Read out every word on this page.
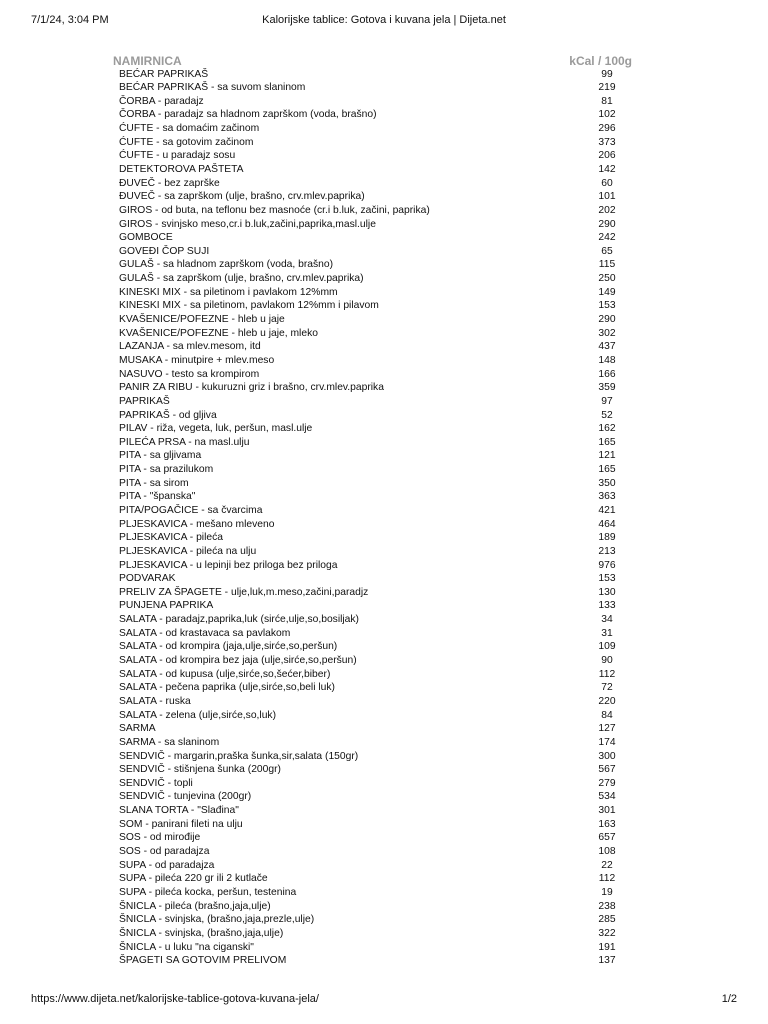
7/1/24, 3:04 PM	Kalorijske tablice: Gotova i kuvana jela | Dijeta.net
NAMIRNICA	kCal / 100g
BEĆAR PAPRIKAŠ	99
BEĆAR PAPRIKAŠ - sa suvom slaninom	219
ČORBA - paradajz	81
ČORBA - paradajz sa hladnom zaprškom (voda, brašno)	102
ĆUFTE - sa domaćim začinom	296
ĆUFTE - sa gotovim začinom	373
ĆUFTE - u paradajz sosu	206
DETEKTOROVA PAŠTETA	142
ĐUVEČ - bez zaprške	60
ĐUVEČ - sa zaprškom (ulje, brašno, crv.mlev.paprika)	101
GIROS - od buta, na teflonu bez masnoće (cr.i b.luk, začini, paprika)	202
GIROS - svinjsko meso,cr.i b.luk,začini,paprika,masl.ulje	290
GOMBOCE	242
GOVEĐI ČOP SUJI	65
GULAŠ - sa hladnom zaprškom (voda, brašno)	115
GULAŠ - sa zaprškom (ulje, brašno, crv.mlev.paprika)	250
KINESKI MIX - sa piletinom i pavlakom 12%mm	149
KINESKI MIX - sa piletinom, pavlakom 12%mm i pilavom	153
KVAŠENICE/POFEZNE - hleb u jaje	290
KVAŠENICE/POFEZNE - hleb u jaje, mleko	302
LAZANJA - sa mlev.mesom, itd	437
MUSAKA - minutpire + mlev.meso	148
NASUVO - testo sa krompirom	166
PANIR ZA RIBU - kukuruzni griz i brašno, crv.mlev.paprika	359
PAPRIKAŠ	97
PAPRIKAŠ - od gljiva	52
PILAV - riža, vegeta, luk, peršun, masl.ulje	162
PILEĆA PRSA - na masl.ulju	165
PITA - sa gljivama	121
PITA - sa prazilukom	165
PITA - sa sirom	350
PITA - "španska"	363
PITA/POGAČICE - sa čvarcima	421
PLJESKAVICA - mešano mleveno	464
PLJESKAVICA - pileća	189
PLJESKAVICA - pileća na ulju	213
PLJESKAVICA - u lepinji bez priloga bez priloga	976
PODVARAK	153
PRELIV ZA ŠPAGETE - ulje,luk,m.meso,začini,paradjz	130
PUNJENA PAPRIKA	133
SALATA - paradajz,paprika,luk (sirće,ulje,so,bosiljak)	34
SALATA - od krastavaca sa pavlakom	31
SALATA - od krompira (jaja,ulje,sirće,so,peršun)	109
SALATA - od krompira bez jaja (ulje,sirće,so,peršun)	90
SALATA - od kupusa (ulje,sirće,so,šećer,biber)	112
SALATA - pečena paprika (ulje,sirće,so,beli luk)	72
SALATA - ruska	220
SALATA - zelena (ulje,sirće,so,luk)	84
SARMA	127
SARMA - sa slaninom	174
SENDVIČ - margarin,praška šunka,sir,salata (150gr)	300
SENDVIČ - stišnjena šunka (200gr)	567
SENDVIČ - topli	279
SENDVIČ - tunjevina (200gr)	534
SLANA TORTA - "Slađina"	301
SOM - panirani fileti na ulju	163
SOS - od mirođije	657
SOS - od paradajza	108
SUPA - od paradajza	22
SUPA - pileća 220 gr ili 2 kutlače	112
SUPA - pileća kocka, peršun, testenina	19
ŠNICLA - pileća (brašno,jaja,ulje)	238
ŠNICLA - svinjska, (brašno,jaja,prezle,ulje)	285
ŠNICLA - svinjska, (brašno,jaja,ulje)	322
ŠNICLA - u luku "na ciganski"	191
ŠPAGETI SA GOTOVIM PRELIVOM	137
https://www.dijeta.net/kalorijske-tablice-gotova-kuvana-jela/	1/2
